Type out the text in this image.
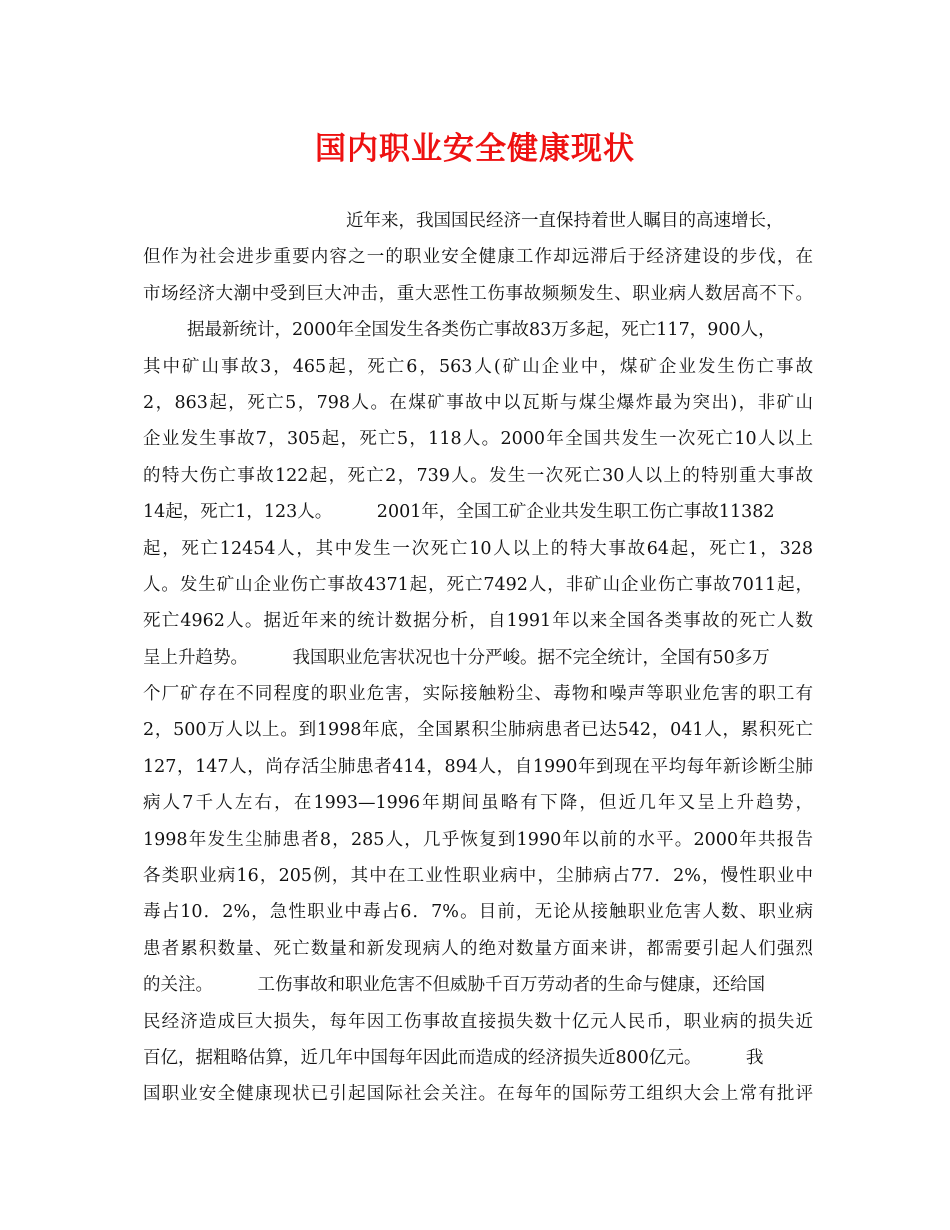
国内职业安全健康现状
近年来，我国国民经济一直保持着世人瞩目的高速增长，
但作为社会进步重要内容之一的职业安全健康工作却远滞后于经济建设的步伐，在
市场经济大潮中受到巨大冲击，重大恶性工伤事故频频发生、职业病人数居高不下。
据最新统计，2000年全国发生各类伤亡事故83万多起，死亡117，900人，
其中矿山事故3，465起，死亡6，563人(矿山企业中，煤矿企业发生伤亡事故
2，863起，死亡5，798人。在煤矿事故中以瓦斯与煤尘爆炸最为突出)，非矿山
企业发生事故7，305起，死亡5，118人。2000年全国共发生一次死亡10人以上
的特大伤亡事故122起，死亡2，739人。发生一次死亡30人以上的特别重大事故
14起，死亡1，123人。        2001年，全国工矿企业共发生职工伤亡事故11382
起，死亡12454人，其中发生一次死亡10人以上的特大事故64起，死亡1，328
人。发生矿山企业伤亡事故4371起，死亡7492人，非矿山企业伤亡事故7011起，
死亡4962人。据近年来的统计数据分析，自1991年以来全国各类事故的死亡人数
呈上升趋势。        我国职业危害状况也十分严峻。据不完全统计，全国有50多万
个厂矿存在不同程度的职业危害，实际接触粉尘、毒物和噪声等职业危害的职工有
2，500万人以上。到1998年底，全国累积尘肺病患者已达542，041人，累积死亡
127，147人，尚存活尘肺患者414，894人，自1990年到现在平均每年新诊断尘肺
病人7千人左右，在1993—1996年期间虽略有下降，但近几年又呈上升趋势，
1998年发生尘肺患者8，285人，几乎恢复到1990年以前的水平。2000年共报告
各类职业病16，205例，其中在工业性职业病中，尘肺病占77．2%，慢性职业中
毒占10．2%，急性职业中毒占6．7%。目前，无论从接触职业危害人数、职业病
患者累积数量、死亡数量和新发现病人的绝对数量方面来讲，都需要引起人们强烈
的关注。        工伤事故和职业危害不但威胁千百万劳动者的生命与健康，还给国
民经济造成巨大损失，每年因工伤事故直接损失数十亿元人民币，职业病的损失近
百亿，据粗略估算，近几年中国每年因此而造成的经济损失近800亿元。        我
国职业安全健康现状已引起国际社会关注。在每年的国际劳工组织大会上常有批评
